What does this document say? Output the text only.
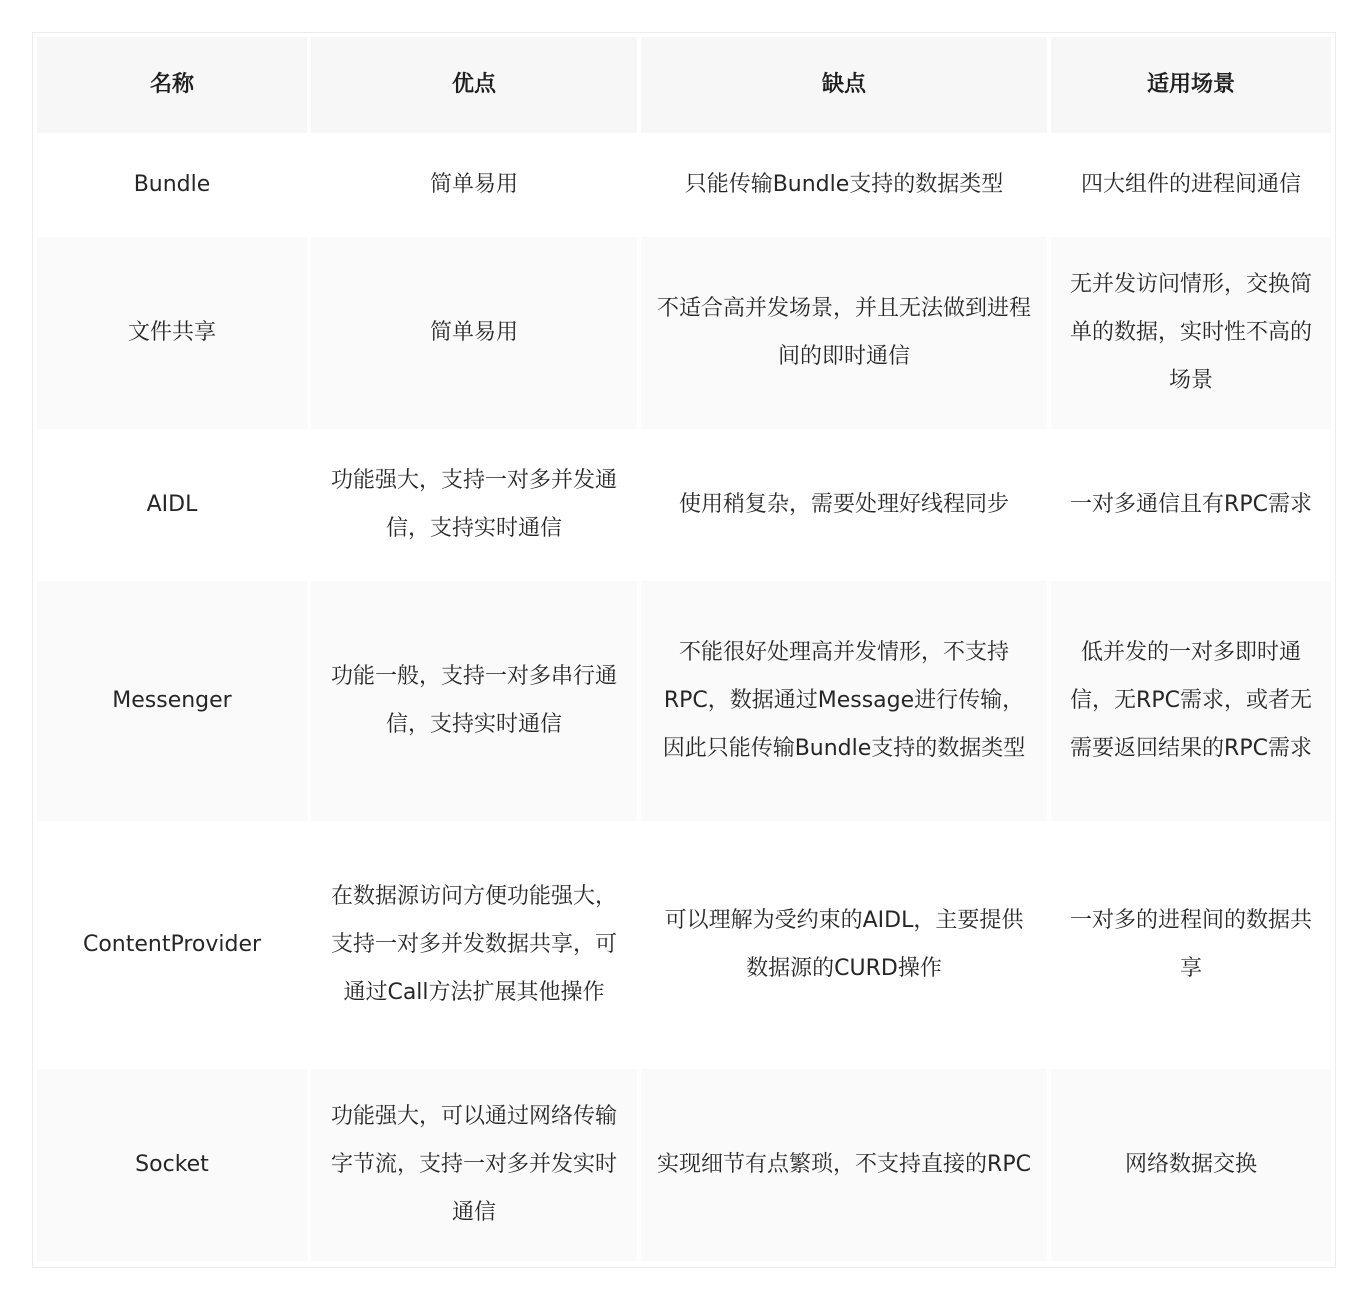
名称	优点	缺点	适用场景
Bundle	简单易用	只能传输Bundle支持的数据类型	四大组件的进程间通信
文件共享	简单易用	不适合高并发场景，并且无法做到进程间的即时通信	无并发访问情形，交换简单的数据，实时性不高的场景
AIDL	功能强大，支持一对多并发通信，支持实时通信	使用稍复杂，需要处理好线程同步	一对多通信且有RPC需求
Messenger	功能一般，支持一对多串行通信，支持实时通信	不能很好处理高并发情形，不支持RPC，数据通过Message进行传输，因此只能传输Bundle支持的数据类型	低并发的一对多即时通信，无RPC需求，或者无需要返回结果的RPC需求
ContentProvider	在数据源访问方便功能强大，支持一对多并发数据共享，可通过Call方法扩展其他操作	可以理解为受约束的AIDL，主要提供数据源的CURD操作	一对多的进程间的数据共享
Socket	功能强大，可以通过网络传输字节流，支持一对多并发实时通信	实现细节有点繁琐，不支持直接的RPC	网络数据交换
